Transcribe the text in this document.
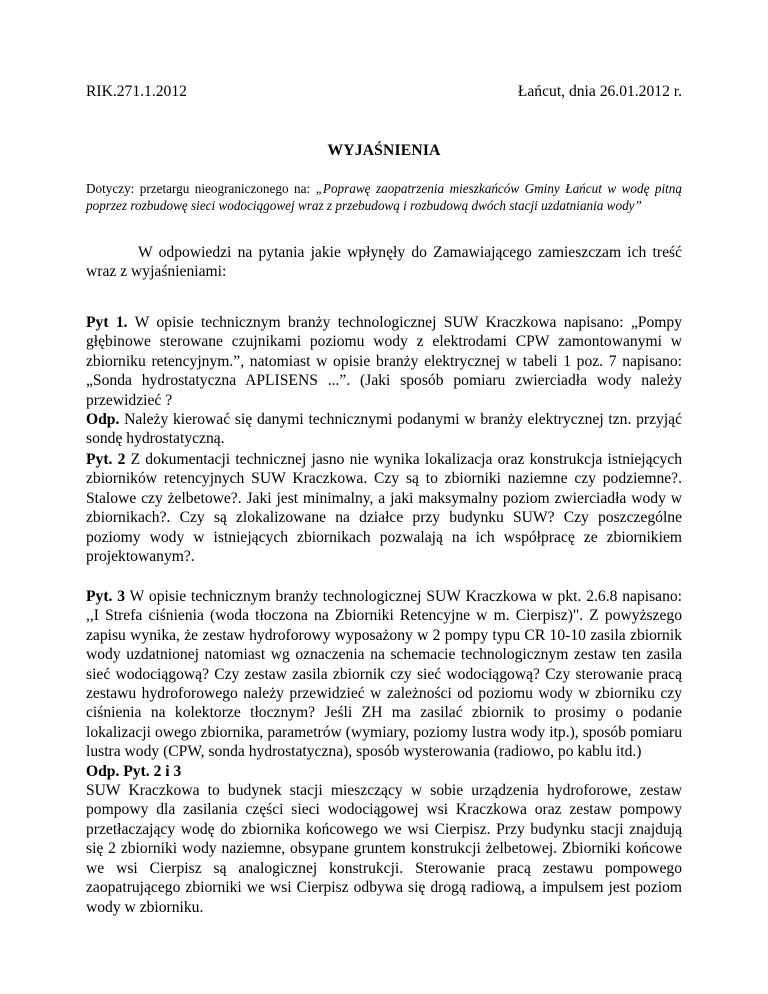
RIK.271.1.2012	Łańcut, dnia 26.01.2012 r.
WYJAŚNIENIA
Dotyczy: przetargu nieograniczonego na: „Poprawę zaopatrzenia mieszkańców Gminy Łańcut w wodę pitną poprzez rozbudowę sieci wodociągowej wraz z przebudową i rozbudową dwóch stacji uzdatniania wody”
W odpowiedzi na pytania jakie wpłynęły do Zamawiającego zamieszczam ich treść wraz z wyjaśnieniami:

Pyt 1. W opisie technicznym branży technologicznej SUW Kraczkowa napisano: „Pompy głębinowe sterowane czujnikami poziomu wody z elektrodami CPW zamontowanymi w zbiorniku retencyjnym.”, natomiast w opisie branży elektrycznej w tabeli 1 poz. 7 napisano: „Sonda hydrostatyczna APLISENS ...”. (Jaki sposób pomiaru zwierciadła wody należy przewidzieć ?

Odp. Należy kierować się danymi technicznymi podanymi w branży elektrycznej tzn. przyjąć sondę hydrostatyczną.

Pyt. 2 Z dokumentacji technicznej jasno nie wynika lokalizacja oraz konstrukcja istniejących zbiorników retencyjnych SUW Kraczkowa. Czy są to zbiorniki naziemne czy podziemne?. Stalowe czy żelbetowe?. Jaki jest minimalny, a jaki maksymalny poziom zwierciadła wody w zbiornikach?. Czy są zlokalizowane na działce przy budynku SUW? Czy poszczególne poziomy wody w istniejących zbiornikach pozwalają na ich współpracę ze zbiornikiem projektowanym?.

Pyt. 3 W opisie technicznym branży technologicznej SUW Kraczkowa w pkt. 2.6.8 napisano: ,,I Strefa ciśnienia (woda tłoczona na Zbiorniki Retencyjne w m. Cierpisz)". Z powyższego zapisu wynika, że zestaw hydroforowy wyposażony w 2 pompy typu CR 10-10 zasila zbiornik wody uzdatnionej natomiast wg oznaczenia na schemacie technologicznym zestaw ten zasila sieć wodociągową? Czy zestaw zasila zbiornik czy sieć wodociągową? Czy sterowanie pracą zestawu hydroforowego należy przewidzieć w zależności od poziomu wody w zbiorniku czy ciśnienia na kolektorze tłocznym? Jeśli ZH ma zasilać zbiornik to prosimy o podanie lokalizacji owego zbiornika, parametrów (wymiary, poziomy lustra wody itp.), sposób pomiaru lustra wody (CPW, sonda hydrostatyczna), sposób wysterowania (radiowo, po kablu itd.)

Odp. Pyt. 2 i 3

SUW Kraczkowa to budynek stacji mieszczący w sobie urządzenia hydroforowe, zestaw pompowy dla zasilania części sieci wodociągowej wsi Kraczkowa oraz zestaw pompowy przetłaczający wodę do zbiornika końcowego we wsi Cierpisz. Przy budynku stacji znajdują się 2 zbiorniki wody naziemne, obsypane gruntem konstrukcji żelbetowej. Zbiorniki końcowe we wsi Cierpisz są analogicznej konstrukcji. Sterowanie pracą zestawu pompowego zaopatrującego zbiorniki we wsi Cierpisz odbywa się drogą radiową, a impulsem jest poziom wody w zbiorniku.
